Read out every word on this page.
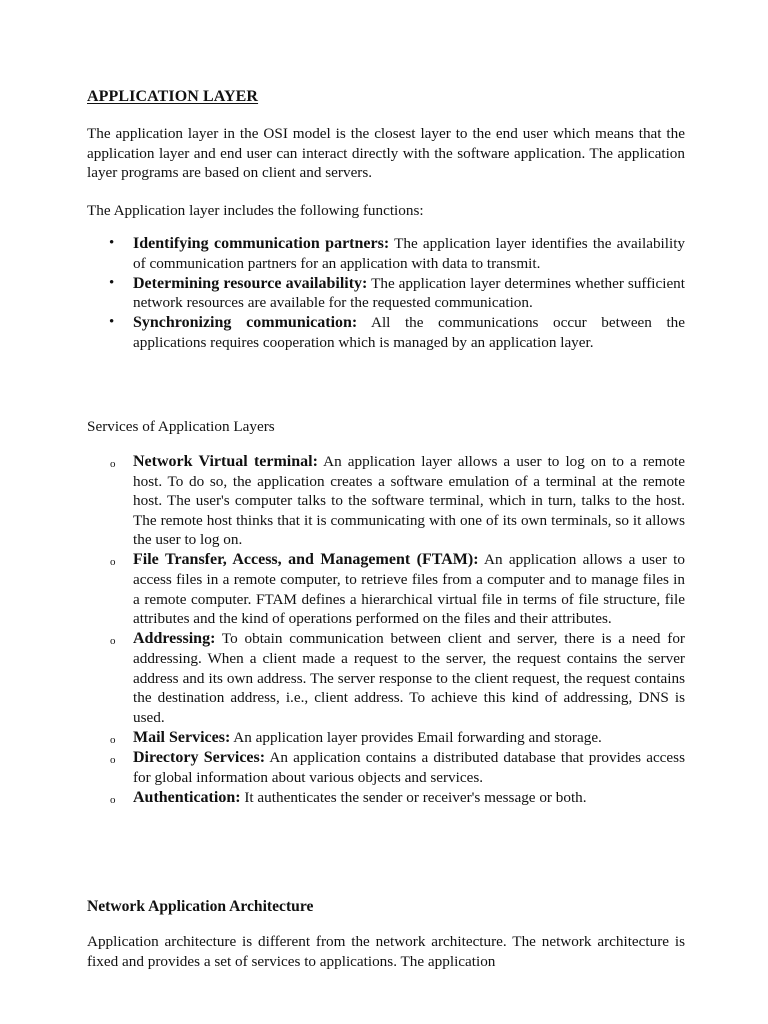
APPLICATION LAYER

The application layer in the OSI model is the closest layer to the end user which means that the application layer and end user can interact directly with the software application. The application layer programs are based on client and servers.

The Application layer includes the following functions:

• Identifying communication partners: The application layer identifies the availability of communication partners for an application with data to transmit.
• Determining resource availability: The application layer determines whether sufficient network resources are available for the requested communication.
• Synchronizing communication: All the communications occur between the applications requires cooperation which is managed by an application layer.

Services of Application Layers

o Network Virtual terminal: An application layer allows a user to log on to a remote host. To do so, the application creates a software emulation of a terminal at the remote host. The user's computer talks to the software terminal, which in turn, talks to the host. The remote host thinks that it is communicating with one of its own terminals, so it allows the user to log on.
o File Transfer, Access, and Management (FTAM): An application allows a user to access files in a remote computer, to retrieve files from a computer and to manage files in a remote computer. FTAM defines a hierarchical virtual file in terms of file structure, file attributes and the kind of operations performed on the files and their attributes.
o Addressing: To obtain communication between client and server, there is a need for addressing. When a client made a request to the server, the request contains the server address and its own address. The server response to the client request, the request contains the destination address, i.e., client address. To achieve this kind of addressing, DNS is used.
o Mail Services: An application layer provides Email forwarding and storage.
o Directory Services: An application contains a distributed database that provides access for global information about various objects and services.
o Authentication: It authenticates the sender or receiver's message or both.
Network Application Architecture

Application architecture is different from the network architecture. The network architecture is fixed and provides a set of services to applications. The application
